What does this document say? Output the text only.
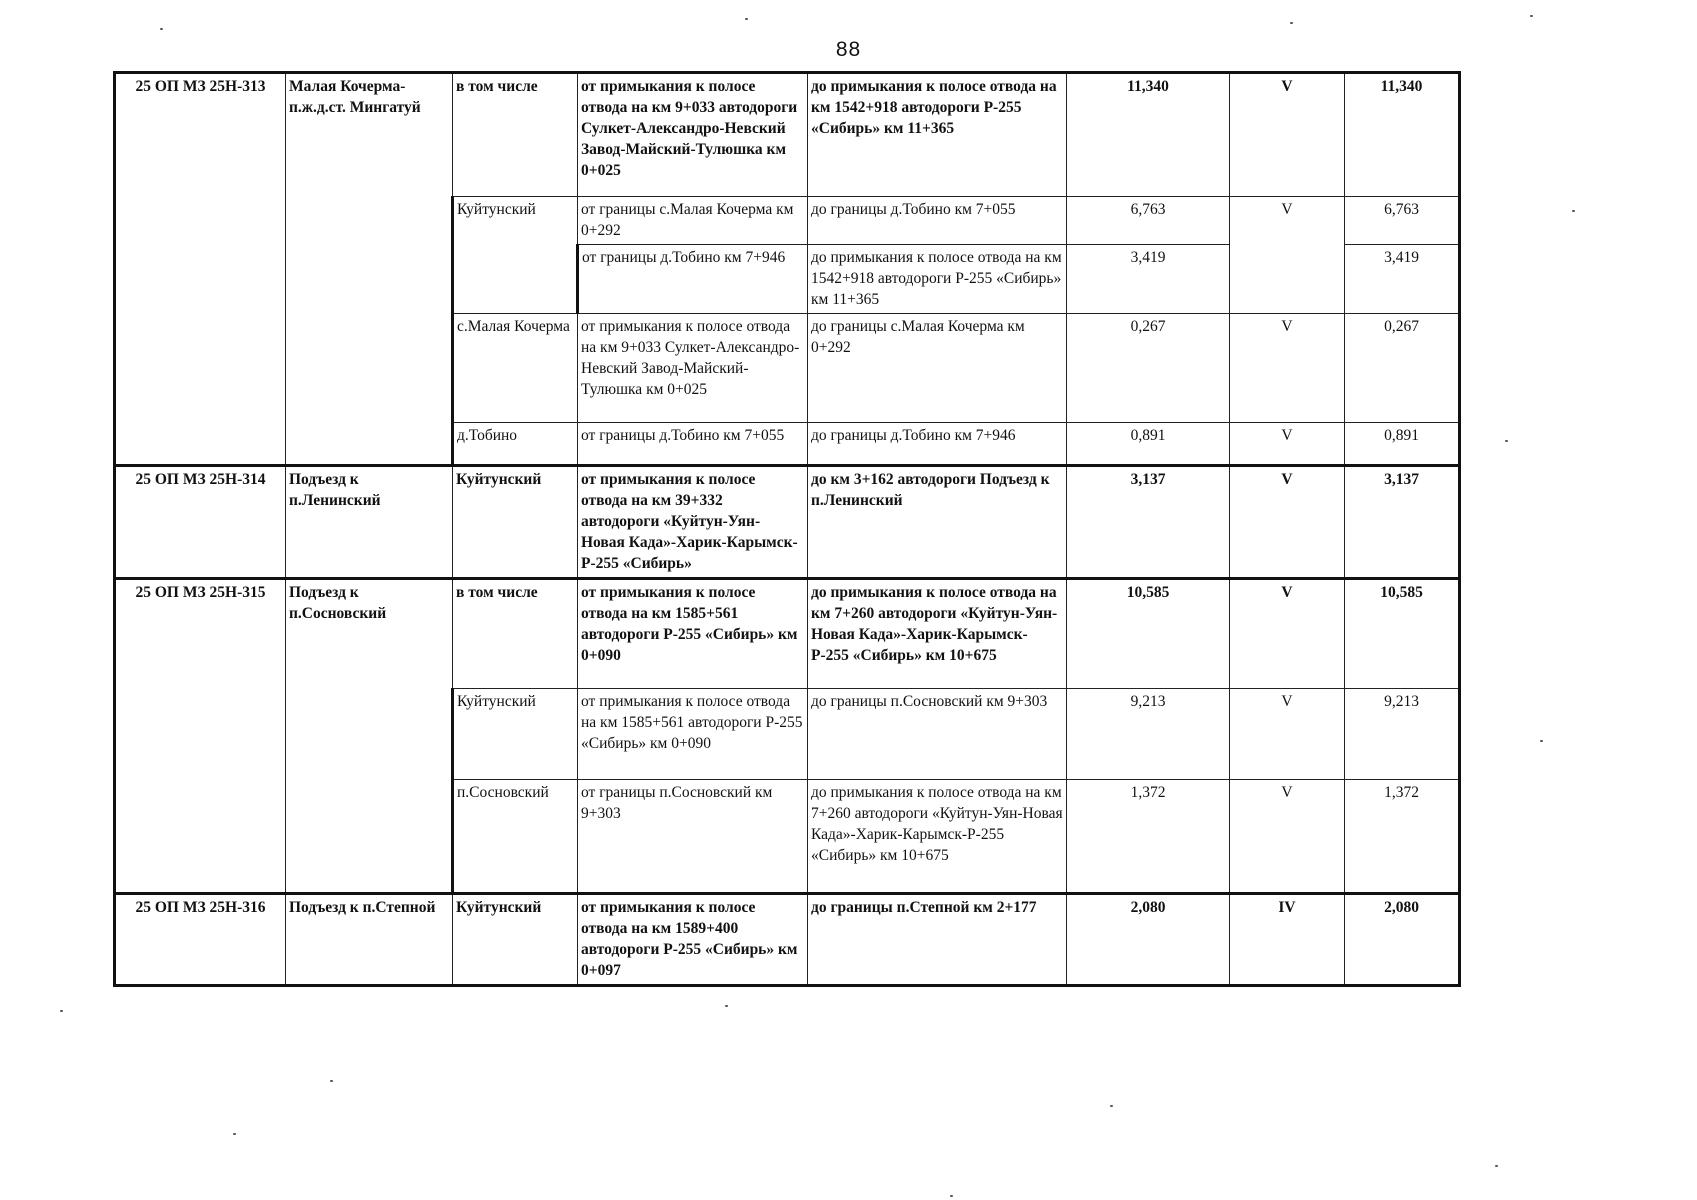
88
25 ОП МЗ 25Н-313	Малая Кочерма-п.ж.д.ст. Мингатуй	в том числе	от примыкания к полосе отвода на км 9+033 автодороги Сулкет-Александро-Невский Завод-Майский-Тулюшка км 0+025	до примыкания к полосе отвода на км 1542+918 автодороги Р-255 «Сибирь» км 11+365	11,340	V	11,340
		Куйтунский	от границы с.Малая Кочерма км 0+292	до границы д.Тобино км 7+055	6,763	V	6,763
			от границы д.Тобино км 7+946	до примыкания к полосе отвода на км 1542+918 автодороги Р-255 «Сибирь» км 11+365	3,419		3,419
		с.Малая Кочерма	от примыкания к полосе отвода на км 9+033 Сулкет-Александро-Невский Завод-Майский-Тулюшка км 0+025	до границы с.Малая Кочерма км 0+292	0,267	V	0,267
		д.Тобино	от границы д.Тобино км 7+055	до границы д.Тобино км 7+946	0,891	V	0,891
25 ОП МЗ 25Н-314	Подъезд к п.Ленинский	Куйтунский	от примыкания к полосе отвода на км 39+332 автодороги «Куйтун-Уян-Новая Када»-Харик-Карымск-Р-255 «Сибирь»	до км 3+162 автодороги Подъезд к п.Ленинский	3,137	V	3,137
25 ОП МЗ 25Н-315	Подъезд к п.Сосновский	в том числе	от примыкания к полосе отвода на км 1585+561 автодороги Р-255 «Сибирь» км 0+090	до примыкания к полосе отвода на км 7+260 автодороги «Куйтун-Уян-Новая Када»-Харик-Карымск-Р-255 «Сибирь» км 10+675	10,585	V	10,585
		Куйтунский	от примыкания к полосе отвода на км 1585+561 автодороги Р-255 «Сибирь» км 0+090	до границы п.Сосновский км 9+303	9,213	V	9,213
		п.Сосновский	от границы п.Сосновский км 9+303	до примыкания к полосе отвода на км 7+260 автодороги «Куйтун-Уян-Новая Када»-Харик-Карымск-Р-255 «Сибирь» км 10+675	1,372	V	1,372
25 ОП МЗ 25Н-316	Подъезд к п.Степной	Куйтунский	от примыкания к полосе отвода на км 1589+400 автодороги Р-255 «Сибирь» км 0+097	до границы п.Степной км 2+177	2,080	IV	2,080
